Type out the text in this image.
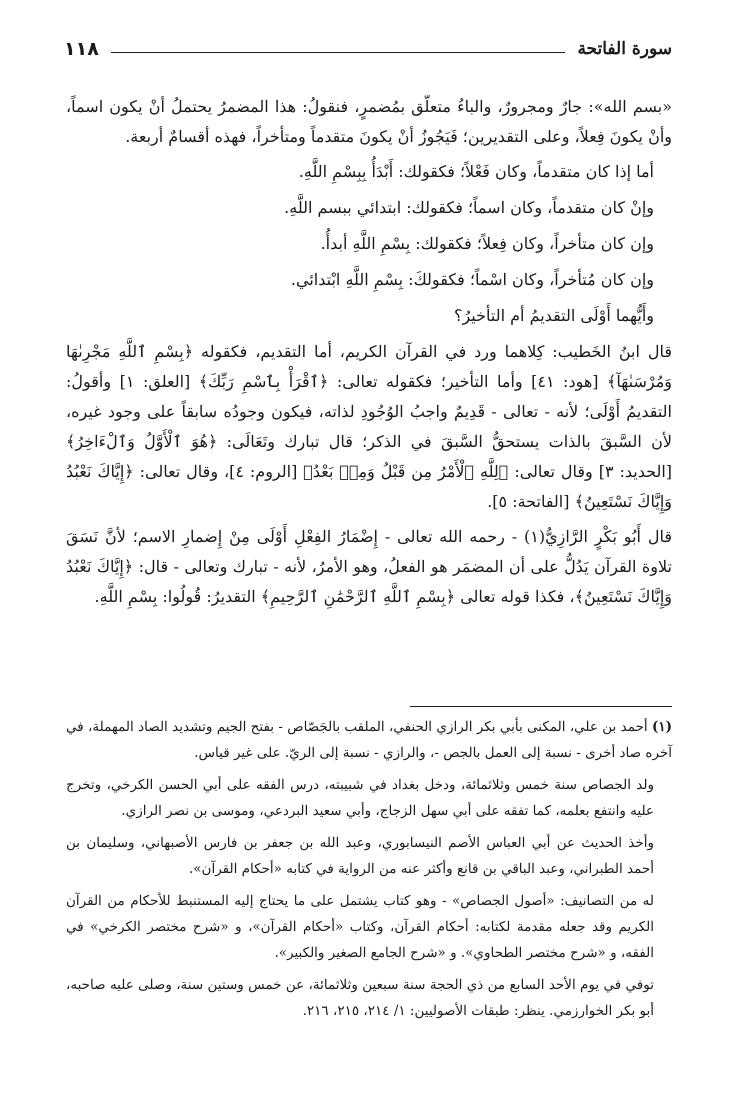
١١٨	سورة الفاتحة

«بسم الله»: جارٌ ومجرورٌ، والباءُ متعلّق بمُضمرٍ، فنقولُ: هذا المضمرُ يحتملُ أنْ يكون اسماً، وأنْ يكونَ فِعلاً، وعلى التقديرين؛ فَيَجُوزُ أنْ يكونَ متقدماً ومتأخراً، فهذه أقسامٌ أربعة.

أما إذا كان متقدماً، وكان فَعْلاً؛ فكقولك: أَبْدَأُ بِبِسْمِ اللَّهِ.

وإنْ كان متقدماً، وكان اسماً؛ فكقولك: ابتدائي ببسم اللَّهِ.

وإن كان متأخراً، وكان فِعلاً؛ فكقولك: بِسْمِ اللَّهِ أبدأُ.

وإن كان مُتأخراً، وكان اسْماً؛ فكقولكَ: بِسْمِ اللَّهِ ابْتدائي.

وأَيُّهما أَوْلَى التقديمُ أم التأخيرُ؟

قال ابنُ الخَطيب: كِلاهما ورد في القرآن الكريم، أما التقديم، فكقوله ﴿بِسْمِ ٱللَّهِ مَجْرِىٰهَا وَمُرْسَىٰهَآ﴾ [هود: ٤١] وأما التأخير؛ فكقوله تعالى: ﴿ٱقْرَأْ بِٱسْمِ رَبِّكَ﴾ [العلق: ١] وأقولُ: التقديمُ أَوْلَى؛ لأنه - تعالى - قَدِيمٌ واجبُ الوُجُودِ لذاته، فيكون وجودُه سابقاً على وجود غيره، لأن السَّبقَ بالذات يستحقُّ السَّبقَ في الذكر؛ قال تبارك وتَعَالَى: ﴿هُوَ ٱلْأَوَّلُ وَٱلْءَاخِرُ﴾ [الحديد: ٣] وقال تعالى: ﴿لِلَّهِ ٱلْأَمْرُ مِن قَبْلُ وَمِنۢ بَعْدُ﴾ [الروم: ٤]، وقال تعالى: ﴿إِيَّاكَ نَعْبُدُ وَإِيَّاكَ نَسْتَعِينُ﴾ [الفاتحة: ٥].

قال أَبُو بَكْرٍ الرَّازِيُّ(١) - رحمه الله تعالى - إِضْمَارُ الفِعْلِ أَوْلَى مِنْ إِضمارِ الاسم؛ لأنَّ نَسَقَ تلاوة القرآن يَدُلُّ على أن المضمَر هو الفعلُ، وهو الأمرُ، لأنه - تبارك وتعالى - قال: ﴿إِيَّاكَ نَعْبُدُ وَإِيَّاكَ نَسْتَعِينُ﴾، فكذا قوله تعالى ﴿بِسْمِ ٱللَّهِ ٱلرَّحْمَٰنِ ٱلرَّحِيمِ﴾ التقديرُ: قُولُوا: بِسْمِ اللَّهِ.

(١) أحمد بن علي، المكنى بأبي بكر الرازي الحنفي، الملقب بالجَصّاص - بفتح الجيم وتشديد الصاد المهملة، في آخره صاد أخرى - نسبة إلى العمل بالجص -، والرازي - نسبة إلى الريّ. على غير قياس.

ولد الجصاص سنة خمس وثلاثمائة، ودخل بغداد في شبيبته، درس الفقه على أبي الحسن الكرخي، وتخرج عليه وانتفع بعلمه، كما تفقه على أبي سهل الزجاج، وأبي سعيد البردعي، وموسى بن نصر الرازي.

وأخذ الحديث عن أبي العباس الأصم النيسابوري، وعبد الله بن جعفر بن فارس الأصبهاني، وسليمان بن أحمد الطبراني، وعبد الباقي بن قانع وأكثر عنه من الرواية في كتابه «أحكام القرآن».

له من التصانيف: «أصول الجصاص» - وهو كتاب يشتمل على ما يحتاج إليه المستنبط للأحكام من القرآن الكريم وقد جعله مقدمة لكتابه: أحكام القرآن، وكتاب «أحكام القرآن»، و «شرح مختصر الكرخي» في الفقه، و «شرح مختصر الطحاوي». و «شرح الجامع الصغير والكبير».

توفي في يوم الأحد السابع من ذي الحجة سنة سبعين وثلاثمائة، عن خمس وستين سنة، وصلى عليه صاحبه، أبو بكر الخوارزمي. ينظر: طبقات الأصوليين: ١/ ٢١٤، ٢١٥، ٢١٦.
